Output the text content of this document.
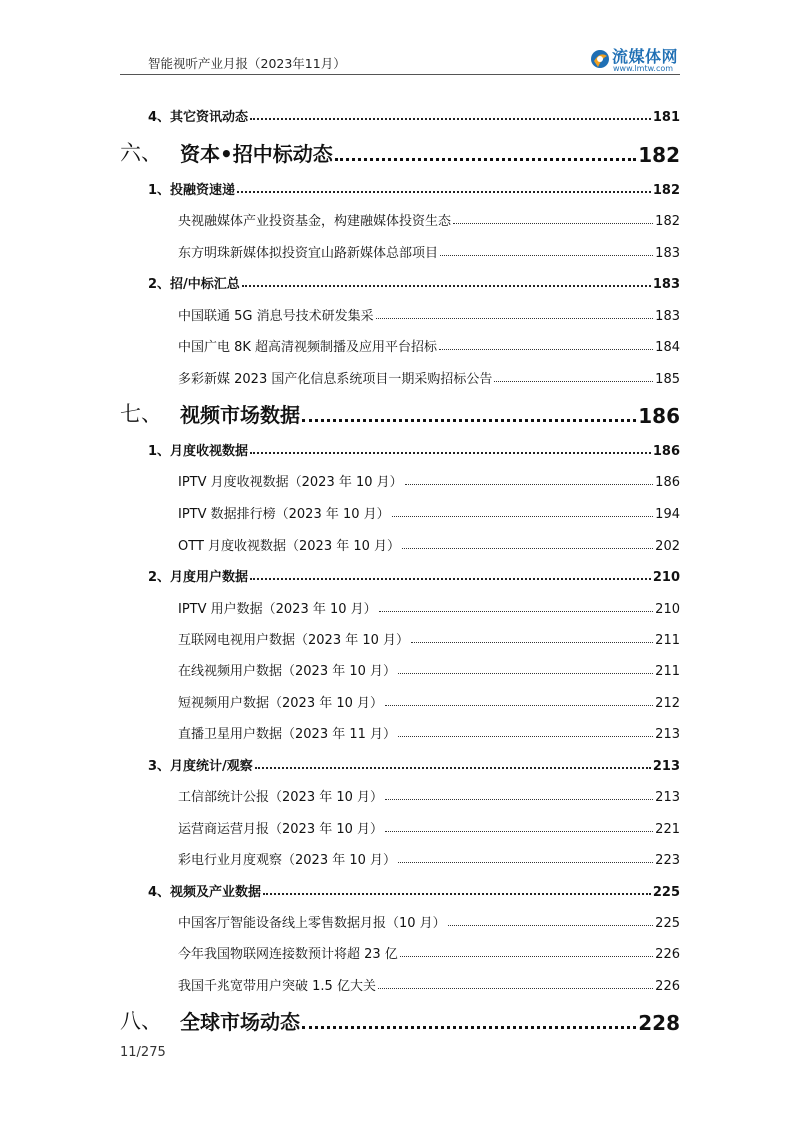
智能视听产业月报（2023年11月）	流媒体网
www.lmtw.com
4、其它资讯动态	181
六、 资本•招中标动态	182
1、投融资速递	182
央视融媒体产业投资基金，构建融媒体投资生态	182
东方明珠新媒体拟投资宜山路新媒体总部项目	183
2、招/中标汇总	183
中国联通 5G 消息号技术研发集采	183
中国广电 8K 超高清视频制播及应用平台招标	184
多彩新媒 2023 国产化信息系统项目一期采购招标公告	185
七、 视频市场数据	186
1、月度收视数据	186
IPTV 月度收视数据（2023 年 10 月）	186
IPTV 数据排行榜（2023 年 10 月）	194
OTT 月度收视数据（2023 年 10 月）	202
2、月度用户数据	210
IPTV 用户数据（2023 年 10 月）	210
互联网电视用户数据（2023 年 10 月）	211
在线视频用户数据（2023 年 10 月）	211
短视频用户数据（2023 年 10 月）	212
直播卫星用户数据（2023 年 11 月）	213
3、月度统计/观察	213
工信部统计公报（2023 年 10 月）	213
运营商运营月报（2023 年 10 月）	221
彩电行业月度观察（2023 年 10 月）	223
4、视频及产业数据	225
中国客厅智能设备线上零售数据月报（10 月）	225
今年我国物联网连接数预计将超 23 亿	226
我国千兆宽带用户突破 1.5 亿大关	226
八、 全球市场动态	228
11/275
